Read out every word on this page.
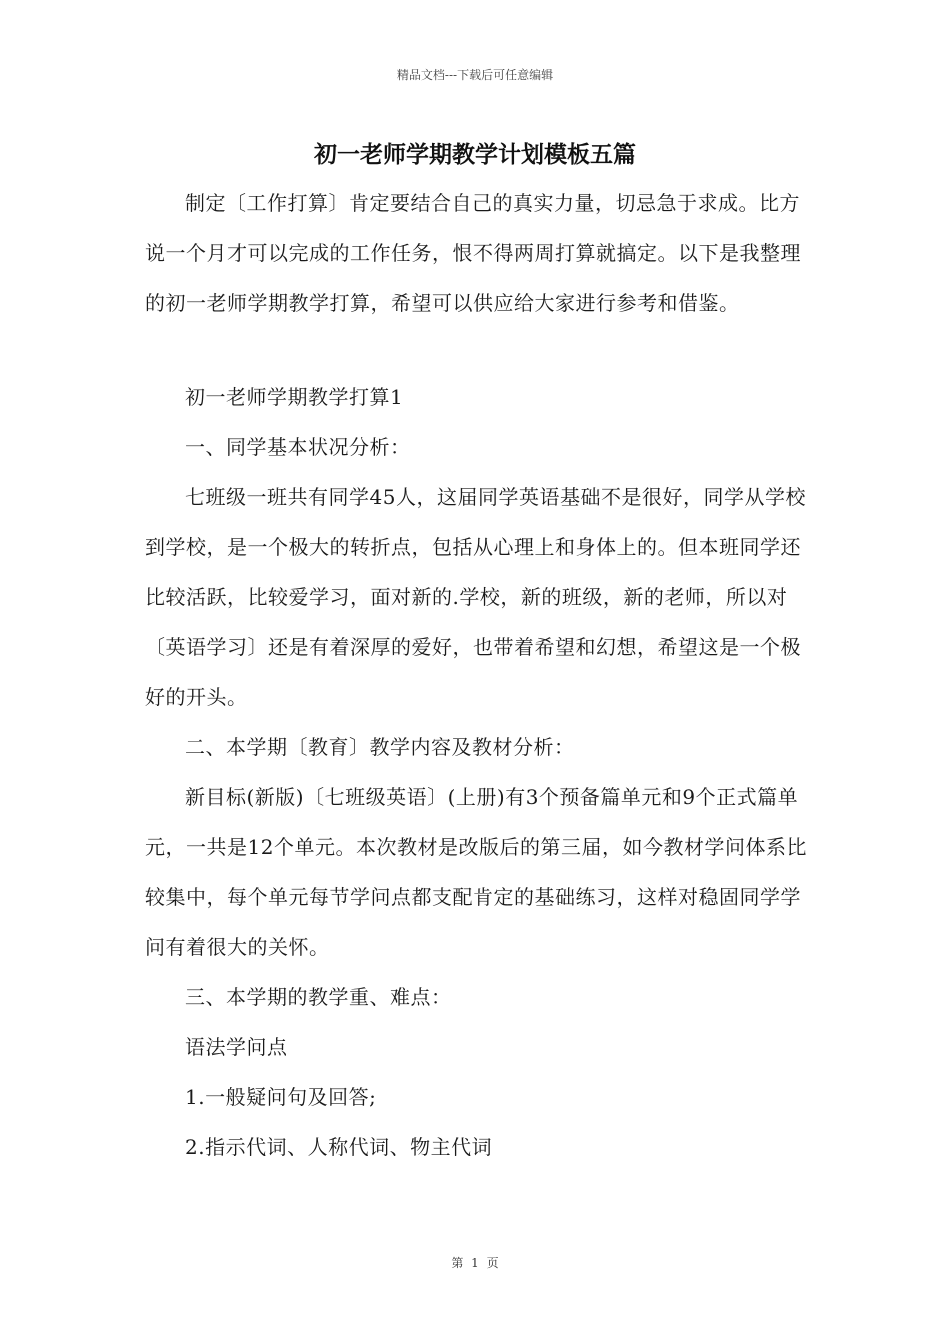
精品文档---下载后可任意编辑
初一老师学期教学计划模板五篇

制定〔工作打算〕肯定要结合自己的真实力量，切忌急于求成。比方说一个月才可以完成的工作任务，恨不得两周打算就搞定。以下是我整理的初一老师学期教学打算，希望可以供应给大家进行参考和借鉴。

初一老师学期教学打算1

一、同学基本状况分析：

七班级一班共有同学45人，这届同学英语基础不是很好，同学从学校到学校，是一个极大的转折点，包括从心理上和身体上的。但本班同学还比较活跃，比较爱学习，面对新的.学校，新的班级，新的老师，所以对〔英语学习〕还是有着深厚的爱好，也带着希望和幻想，希望这是一个极好的开头。

二、本学期〔教育〕教学内容及教材分析：

新目标(新版)〔七班级英语〕(上册)有3个预备篇单元和9个正式篇单元，一共是12个单元。本次教材是改版后的第三届，如今教材学问体系比较集中，每个单元每节学问点都支配肯定的基础练习，这样对稳固同学学问有着很大的关怀。

三、本学期的教学重、难点：

语法学问点

1.一般疑问句及回答;

2.指示代词、人称代词、物主代词

第 1 页
